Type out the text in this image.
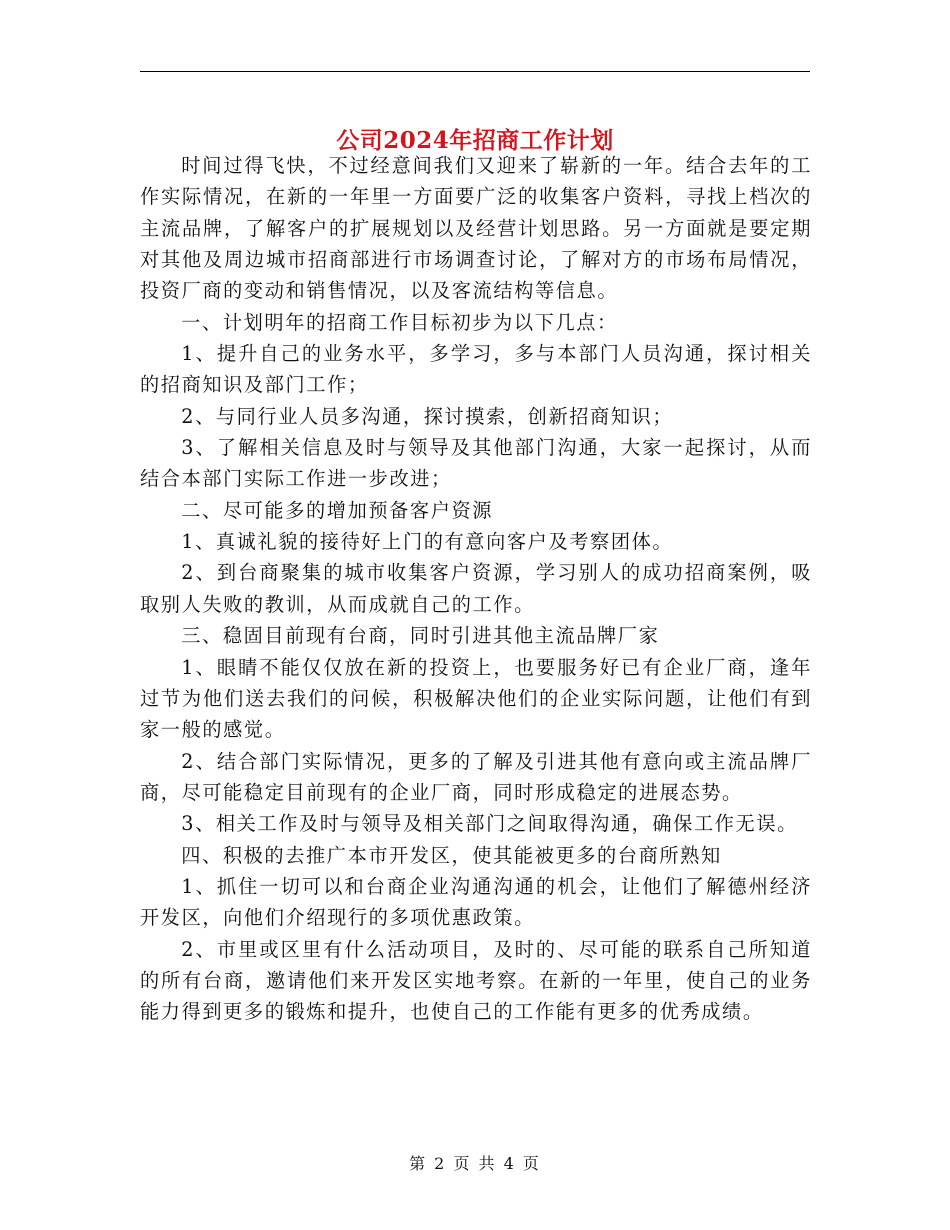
公司2024年招商工作计划

时间过得飞快，不过经意间我们又迎来了崭新的一年。结合去年的工作实际情况，在新的一年里一方面要广泛的收集客户资料，寻找上档次的主流品牌，了解客户的扩展规划以及经营计划思路。另一方面就是要定期对其他及周边城市招商部进行市场调查讨论，了解对方的市场布局情况，投资厂商的变动和销售情况，以及客流结构等信息。

一、计划明年的招商工作目标初步为以下几点：

1、提升自己的业务水平，多学习，多与本部门人员沟通，探讨相关的招商知识及部门工作；

2、与同行业人员多沟通，探讨摸索，创新招商知识；

3、了解相关信息及时与领导及其他部门沟通，大家一起探讨，从而结合本部门实际工作进一步改进；

二、尽可能多的增加预备客户资源

1、真诚礼貌的接待好上门的有意向客户及考察团体。

2、到台商聚集的城市收集客户资源，学习别人的成功招商案例，吸取别人失败的教训，从而成就自己的工作。

三、稳固目前现有台商，同时引进其他主流品牌厂家

1、眼睛不能仅仅放在新的投资上，也要服务好已有企业厂商，逢年过节为他们送去我们的问候，积极解决他们的企业实际问题，让他们有到家一般的感觉。

2、结合部门实际情况，更多的了解及引进其他有意向或主流品牌厂商，尽可能稳定目前现有的企业厂商，同时形成稳定的进展态势。

3、相关工作及时与领导及相关部门之间取得沟通，确保工作无误。

四、积极的去推广本市开发区，使其能被更多的台商所熟知

1、抓住一切可以和台商企业沟通沟通的机会，让他们了解德州经济开发区，向他们介绍现行的多项优惠政策。

2、市里或区里有什么活动项目，及时的、尽可能的联系自己所知道的所有台商，邀请他们来开发区实地考察。在新的一年里，使自己的业务能力得到更多的锻炼和提升，也使自己的工作能有更多的优秀成绩。

第 2 页 共 4 页
